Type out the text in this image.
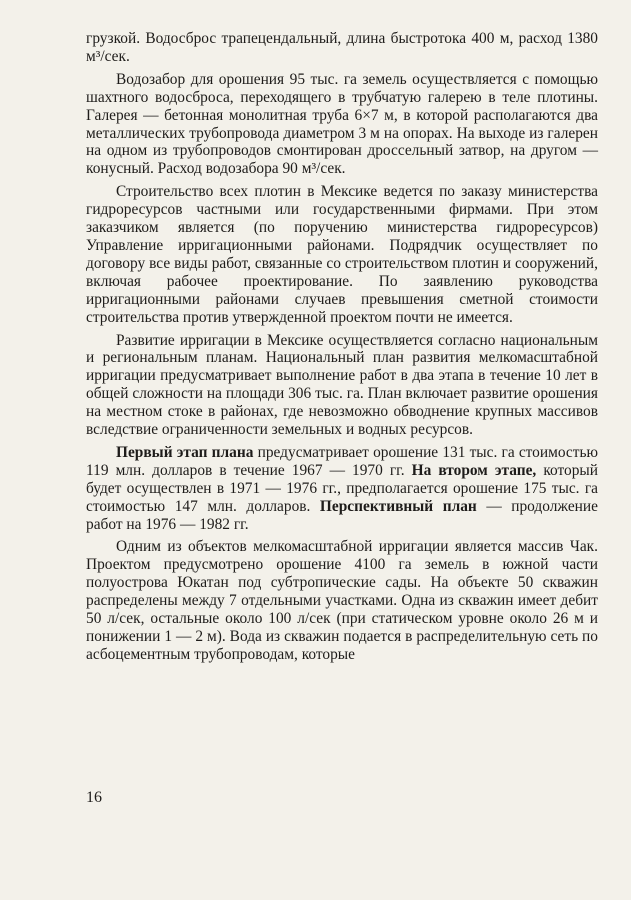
грузкой. Водосброс трапецендальный, длина быстротока 400 м, расход 1380 м³/сек.

Водозабор для орошения 95 тыс. га земель осуществляется с помощью шахтного водосброса, переходящего в трубчатую галерею в теле плотины. Галерея — бетонная монолитная труба 6×7 м, в которой располагаются два металлических трубопровода диаметром 3 м на опорах. На выходе из галерен на одном из трубопроводов смонтирован дроссельный затвор, на другом — конусный. Расход водозабора 90 м³/сек.

Строительство всех плотин в Мексике ведется по заказу министерства гидроресурсов частными или государственными фирмами. При этом заказчиком является (по поручению министерства гидроресурсов) Управление ирригационными районами. Подрядчик осуществляет по договору все виды работ, связанные со строительством плотин и сооружений, включая рабочее проектирование. По заявлению руководства ирригационными районами случаев превышения сметной стоимости строительства против утвержденной проектом почти не имеется.

Развитие ирригации в Мексике осуществляется согласно национальным и региональным планам. Национальный план развития мелкомасштабной ирригации предусматривает выполнение работ в два этапа в течение 10 лет в общей сложности на площади 306 тыс. га. План включает развитие орошения на местном стоке в районах, где невозможно обводнение крупных массивов вследствие ограниченности земельных и водных ресурсов.

Первый этап плана предусматривает орошение 131 тыс. га стоимостью 119 млн. долларов в течение 1967 — 1970 гг. На втором этапе, который будет осуществлен в 1971 — 1976 гг., предполагается орошение 175 тыс. га стоимостью 147 млн. долларов. Перспективный план — продолжение работ на 1976 — 1982 гг.

Одним из объектов мелкомасштабной ирригации является массив Чак. Проектом предусмотрено орошение 4100 га земель в южной части полуострова Юкатан под субтропические сады. На объекте 50 скважин распределены между 7 отдельными участками. Одна из скважин имеет дебит 50 л/сек, остальные около 100 л/сек (при статическом уровне около 26 м и понижении 1 — 2 м). Вода из скважин подается в распределительную сеть по асбоцементным трубопроводам, которые

16
